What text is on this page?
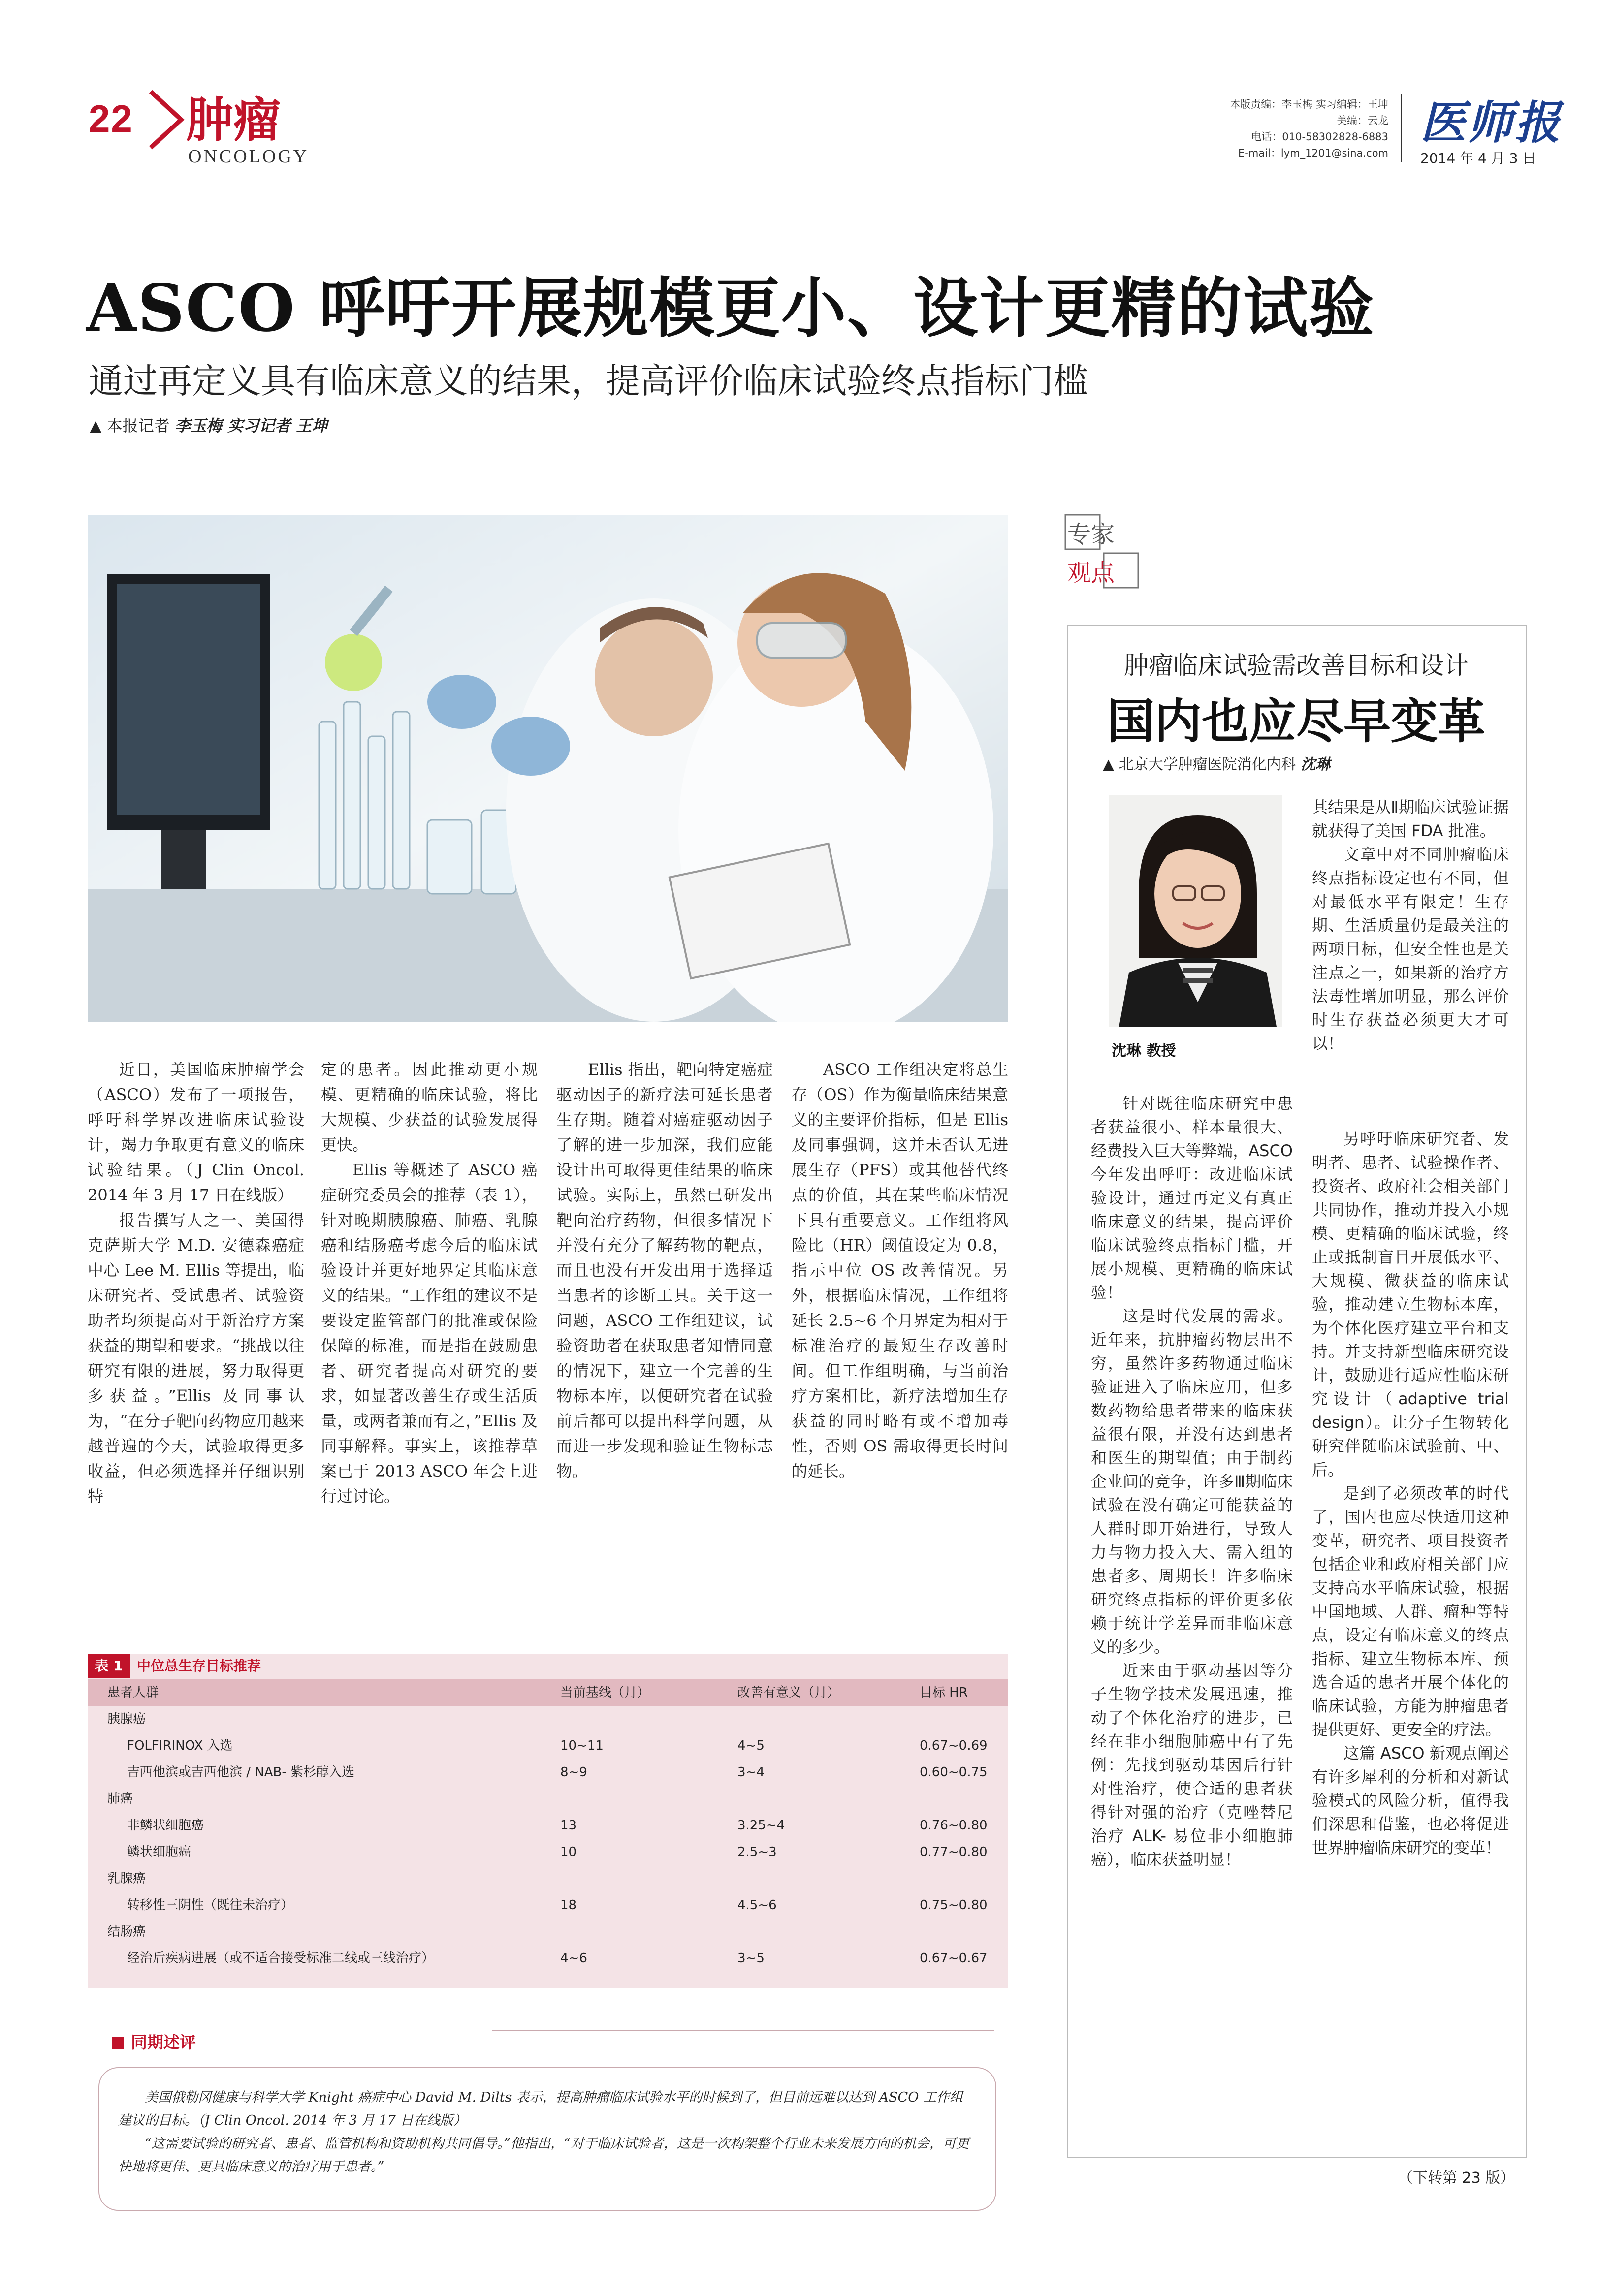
22 肿瘤
ONCOLOGY
本版责编：李玉梅 实习编辑：王坤
美编：云龙
电话：010-58302828-6883
E-mail：lym_1201@sina.com
医师报
2014 年 4 月 3 日
ASCO 呼吁开展规模更小、设计更精的试验
通过再定义具有临床意义的结果，提高评价临床试验终点指标门槛
▲ 本报记者 李玉梅 实习记者 王坤

近日，美国临床肿瘤学会（ASCO）发布了一项报告，呼吁科学界改进临床试验设计，竭力争取更有意义的临床试验结果。（J Clin Oncol. 2014 年 3 月 17 日在线版）

报告撰写人之一、美国得克萨斯大学 M.D. 安德森癌症中心 Lee M. Ellis 等提出，临床研究者、受试患者、试验资助者均须提高对于新治疗方案获益的期望和要求。“挑战以往研究有限的进展，努力取得更多获益。”Ellis 及同事认为，“在分子靶向药物应用越来越普遍的今天，试验取得更多收益，但必须选择并仔细识别特

定的患者。因此推动更小规模、更精确的临床试验，将比大规模、少获益的试验发展得更快。

Ellis 等概述了 ASCO 癌症研究委员会的推荐（表 1），针对晚期胰腺癌、肺癌、乳腺癌和结肠癌考虑今后的临床试验设计并更好地界定其临床意义的结果。“工作组的建议不是要设定监管部门的批准或保险保障的标准，而是指在鼓励患者、研究者提高对研究的要求，如显著改善生存或生活质量，或两者兼而有之，”Ellis 及同事解释。事实上，该推荐草案已于 2013 ASCO 年会上进行过讨论。

Ellis 指出，靶向特定癌症驱动因子的新疗法可延长患者生存期。随着对癌症驱动因子了解的进一步加深，我们应能设计出可取得更佳结果的临床试验。实际上，虽然已研发出靶向治疗药物，但很多情况下并没有充分了解药物的靶点，而且也没有开发出用于选择适当患者的诊断工具。关于这一问题，ASCO 工作组建议，试验资助者在获取患者知情同意的情况下，建立一个完善的生物标本库，以便研究者在试验前后都可以提出科学问题，从而进一步发现和验证生物标志物。

ASCO 工作组决定将总生存（OS）作为衡量临床结果意义的主要评价指标，但是 Ellis 及同事强调，这并未否认无进展生存（PFS）或其他替代终点的价值，其在某些临床情况下具有重要意义。工作组将风险比（HR）阈值设定为 0.8，指示中位 OS 改善情况。另外，根据临床情况，工作组将延长 2.5~6 个月界定为相对于标准治疗的最短生存改善时间。但工作组明确，与当前治疗方案相比，新疗法增加生存获益的同时略有或不增加毒性，否则 OS 需取得更长时间的延长。

表 1	中位总生存目标推荐
患者人群	当前基线（月）	改善有意义（月）	目标 HR
胰腺癌
FOLFIRINOX 入选	10~11	4~5	0.67~0.69
吉西他滨或吉西他滨 / NAB- 紫杉醇入选	8~9	3~4	0.60~0.75
肺癌
非鳞状细胞癌	13	3.25~4	0.76~0.80
鳞状细胞癌	10	2.5~3	0.77~0.80
乳腺癌
转移性三阴性（既往未治疗）	18	4.5~6	0.75~0.80
结肠癌
经治后疾病进展（或不适合接受标准二线或三线治疗）	4~6	3~5	0.67~0.67
同期述评

美国俄勒冈健康与科学大学 Knight 癌症中心 David M. Dilts 表示，提高肿瘤临床试验水平的时候到了，但目前远难以达到 ASCO 工作组建议的目标。（J Clin Oncol. 2014 年 3 月 17 日在线版）

“这需要试验的研究者、患者、监管机构和资助机构共同倡导。”他指出，“对于临床试验者，这是一次构架整个行业未来发展方向的机会，可更快地将更佳、更具临床意义的治疗用于患者。”

专家
观点
肿瘤临床试验需改善目标和设计
国内也应尽早变革
▲ 北京大学肿瘤医院消化内科 沈琳
沈琳 教授

其结果是从Ⅱ期临床试验证据就获得了美国 FDA 批准。

文章中对不同肿瘤临床终点指标设定也有不同，但对最低水平有限定！生存期、生活质量仍是最关注的两项目标，但安全性也是关注点之一，如果新的治疗方法毒性增加明显，那么评价时生存获益必须更大才可以！

针对既往临床研究中患者获益很小、样本量很大、经费投入巨大等弊端，ASCO 今年发出呼吁：改进临床试验设计，通过再定义有真正临床意义的结果，提高评价临床试验终点指标门槛，开展小规模、更精确的临床试验！

这是时代发展的需求。近年来，抗肿瘤药物层出不穷，虽然许多药物通过临床验证进入了临床应用，但多数药物给患者带来的临床获益很有限，并没有达到患者和医生的期望值；由于制药企业间的竞争，许多Ⅲ期临床试验在没有确定可能获益的人群时即开始进行，导致人力与物力投入大、需入组的患者多、周期长！许多临床研究终点指标的评价更多依赖于统计学差异而非临床意义的多少。

近来由于驱动基因等分子生物学技术发展迅速，推动了个体化治疗的进步，已经在非小细胞肺癌中有了先例：先找到驱动基因后行针对性治疗，使合适的患者获得针对强的治疗（克唑替尼治疗 ALK- 易位非小细胞肺癌），临床获益明显！

另呼吁临床研究者、发明者、患者、试验操作者、投资者、政府社会相关部门共同协作，推动并投入小规模、更精确的临床试验，终止或抵制盲目开展低水平、大规模、微获益的临床试验，推动建立生物标本库，为个体化医疗建立平台和支持。并支持新型临床研究设计，鼓励进行适应性临床研究设计（adaptive trial design）。让分子生物转化研究伴随临床试验前、中、后。

是到了必须改革的时代了，国内也应尽快适用这种变革，研究者、项目投资者包括企业和政府相关部门应支持高水平临床试验，根据中国地域、人群、瘤种等特点，设定有临床意义的终点指标、建立生物标本库、预选合适的患者开展个体化的临床试验，方能为肿瘤患者提供更好、更安全的疗法。

这篇 ASCO 新观点阐述有许多犀利的分析和对新试验模式的风险分析，值得我们深思和借鉴，也必将促进世界肿瘤临床研究的变革！

（下转第 23 版）
